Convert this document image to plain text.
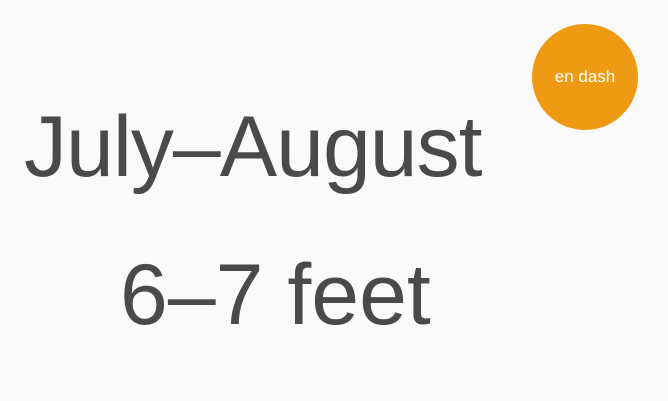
July–August

6–7 feet

en dash
